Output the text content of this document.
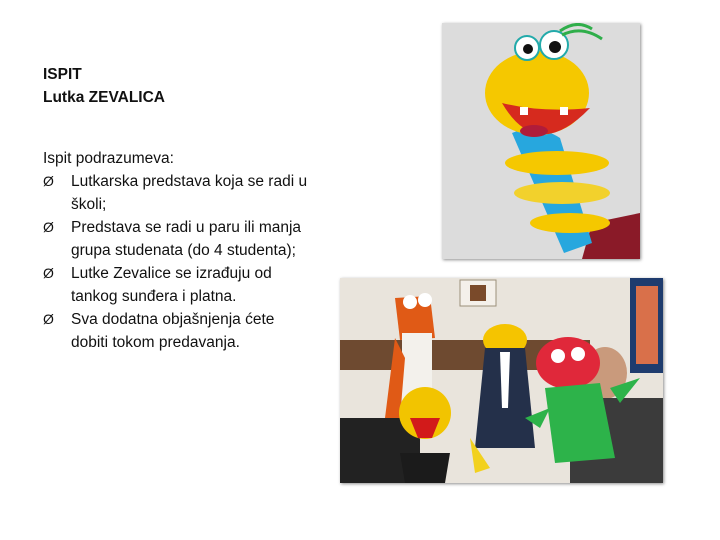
ISPIT
Lutka ZEVALICA
Ispit podrazumeva:
Ø Lutkarska predstava koja se radi u školi;
Ø Predstava se radi u paru ili manja grupa studenata (do 4 studenta);
Ø Lutke Zevalice se izrađuju od tankog sunđera i platna.
Ø Sva dodatna objašnjenja ćete dobiti tokom predavanja.
